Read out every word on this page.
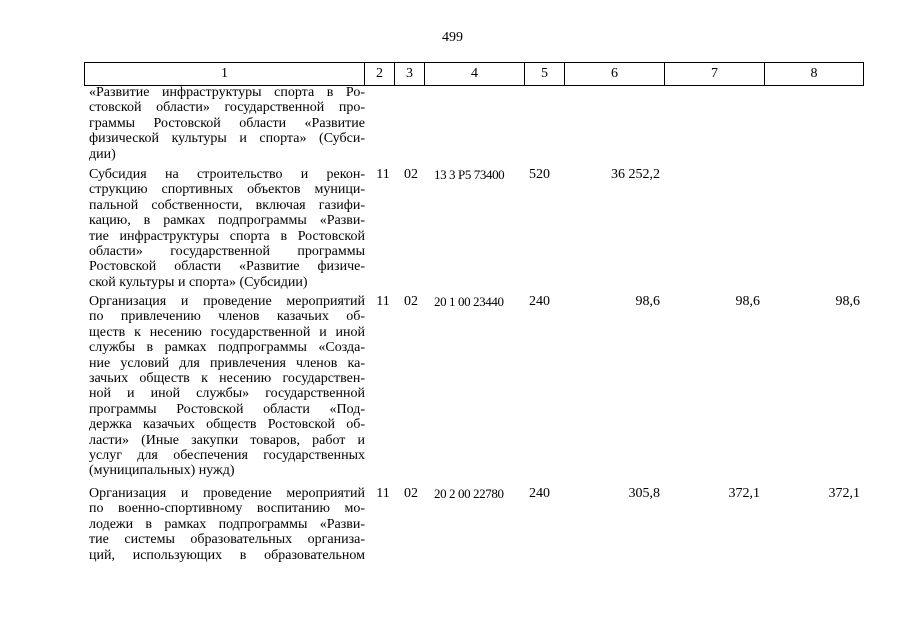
499
1	2	3	4	5	6	7	8
«Развитие инфраструктуры спорта в Ро-
стовской области» государственной про-
граммы Ростовской области «Развитие
физической культуры и спорта» (Субси-
дии)
Субсидия на строительство и рекон-
струкцию спортивных объектов муници-
пальной собственности, включая газифи-
кацию, в рамках подпрограммы «Разви-
тие инфраструктуры спорта в Ростовской
области» государственной программы
Ростовской области «Развитие физиче-
ской культуры и спорта» (Субсидии)
11	02	13 3 P5 73400	520	36 252,2
Организация и проведение мероприятий
по привлечению членов казачьих об-
ществ к несению государственной и иной
службы в рамках подпрограммы «Созда-
ние условий для привлечения членов ка-
зачьих обществ к несению государствен-
ной и иной службы» государственной
программы Ростовской области «Под-
держка казачьих обществ Ростовской об-
ласти» (Иные закупки товаров, работ и
услуг для обеспечения государственных
(муниципальных) нужд)
11	02	20 1 00 23440	240	98,6	98,6	98,6
Организация и проведение мероприятий
по военно-спортивному воспитанию мо-
лодежи в рамках подпрограммы «Разви-
тие системы образовательных организа-
ций, использующих в образовательном
11	02	20 2 00 22780	240	305,8	372,1	372,1
